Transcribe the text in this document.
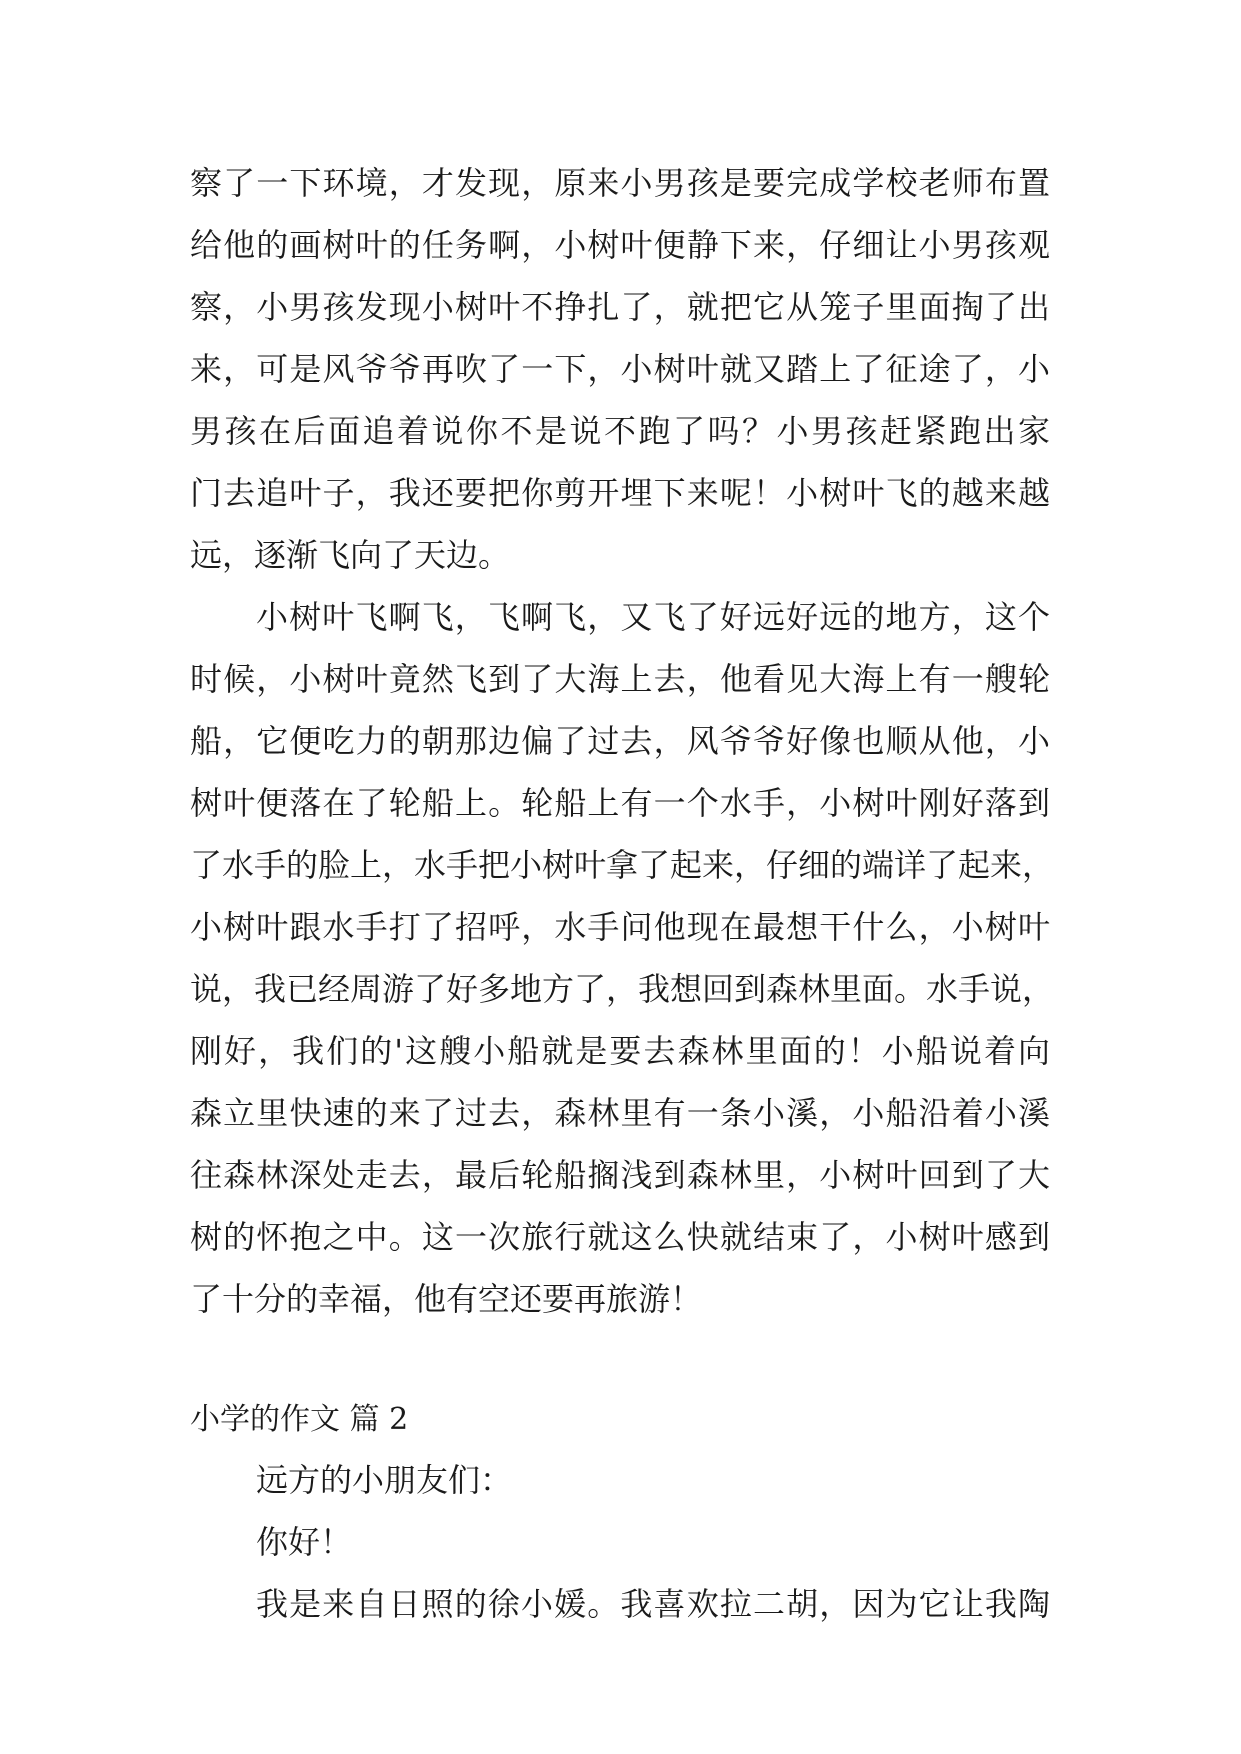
察了一下环境，才发现，原来小男孩是要完成学校老师布置
给他的画树叶的任务啊，小树叶便静下来，仔细让小男孩观
察，小男孩发现小树叶不挣扎了，就把它从笼子里面掏了出
来，可是风爷爷再吹了一下，小树叶就又踏上了征途了，小
男孩在后面追着说你不是说不跑了吗？小男孩赶紧跑出家
门去追叶子，我还要把你剪开埋下来呢！小树叶飞的越来越
远，逐渐飞向了天边。
小树叶飞啊飞，飞啊飞，又飞了好远好远的地方，这个
时候，小树叶竟然飞到了大海上去，他看见大海上有一艘轮
船，它便吃力的朝那边偏了过去，风爷爷好像也顺从他，小
树叶便落在了轮船上。轮船上有一个水手，小树叶刚好落到
了水手的脸上，水手把小树叶拿了起来，仔细的端详了起来，
小树叶跟水手打了招呼，水手问他现在最想干什么，小树叶
说，我已经周游了好多地方了，我想回到森林里面。水手说，
刚好，我们的'这艘小船就是要去森林里面的！小船说着向
森立里快速的来了过去，森林里有一条小溪，小船沿着小溪
往森林深处走去，最后轮船搁浅到森林里，小树叶回到了大
树的怀抱之中。这一次旅行就这么快就结束了，小树叶感到
了十分的幸福，他有空还要再旅游！
小学的作文 篇 2
远方的小朋友们：
你好！
我是来自日照的徐小媛。我喜欢拉二胡，因为它让我陶
